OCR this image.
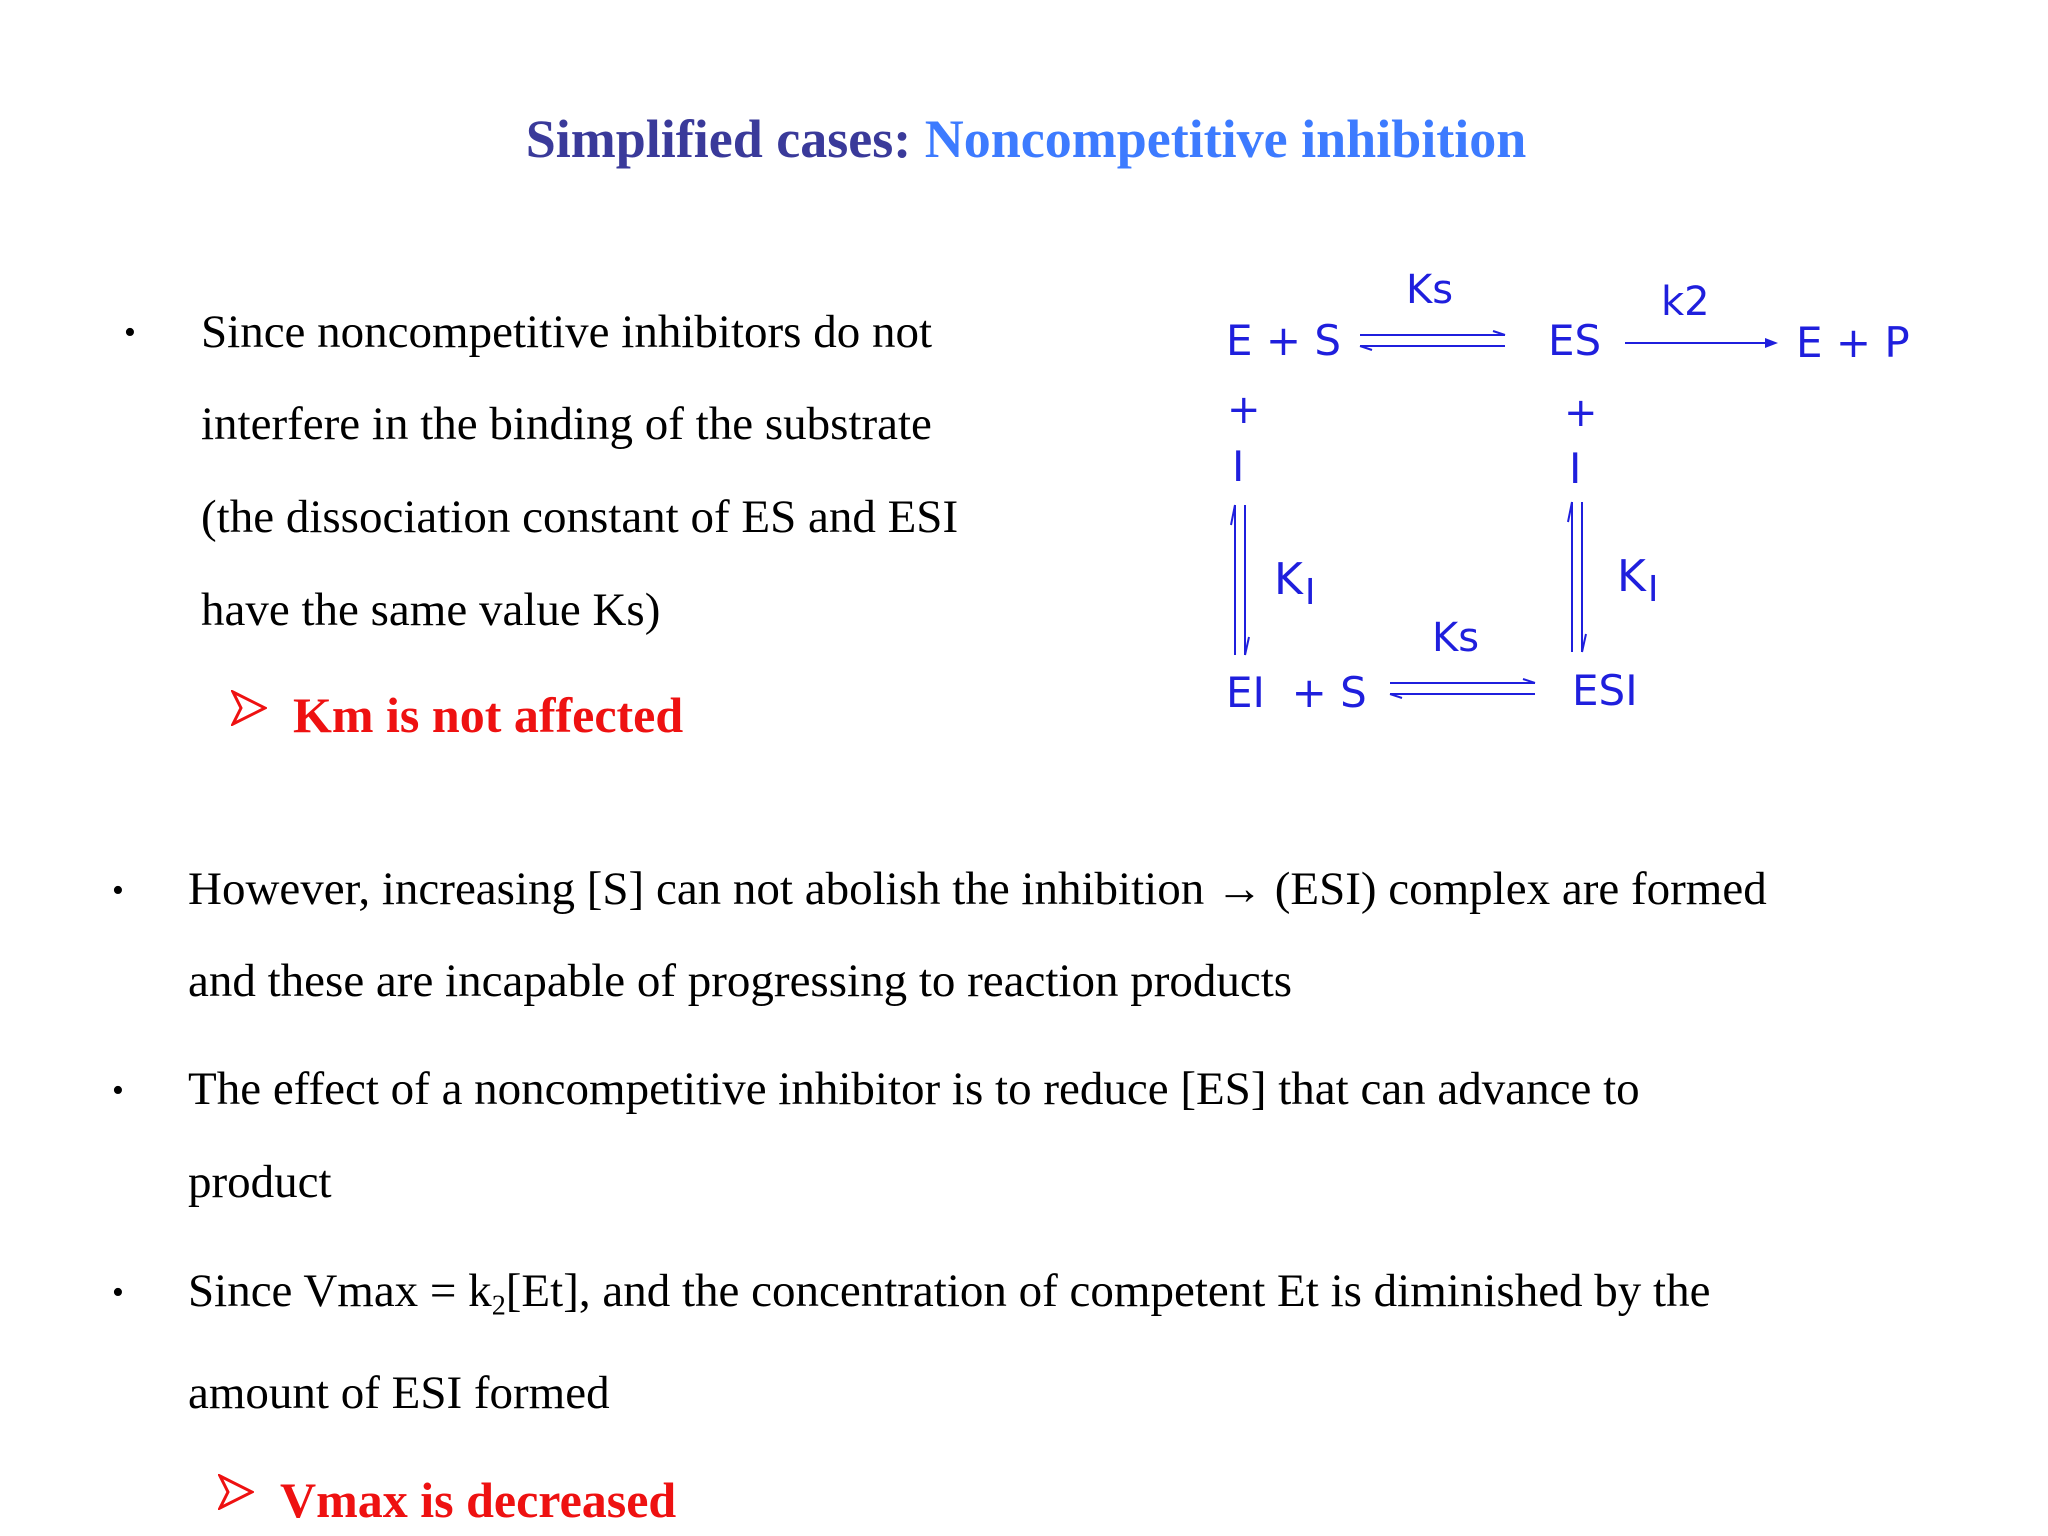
Simplified cases: Noncompetitive inhibition
• Since noncompetitive inhibitors do not
interfere in the binding of the substrate
(the dissociation constant of ES and ESI
have the same value Ks)
Km is not affected
E + S
Ks
ES
k2
E + P
+
I
+
I
$K_I$	$K_I$
Ks
EI  + S	ESI
• However, increasing [S] can not abolish the inhibition → (ESI) complex are formed
and these are incapable of progressing to reaction products
• The effect of a noncompetitive inhibitor is to reduce [ES] that can advance to
product
• Since $Vmax = k_2[Et]$, and the concentration of competent Et is diminished by the
amount of ESI formed
Vmax is decreased
